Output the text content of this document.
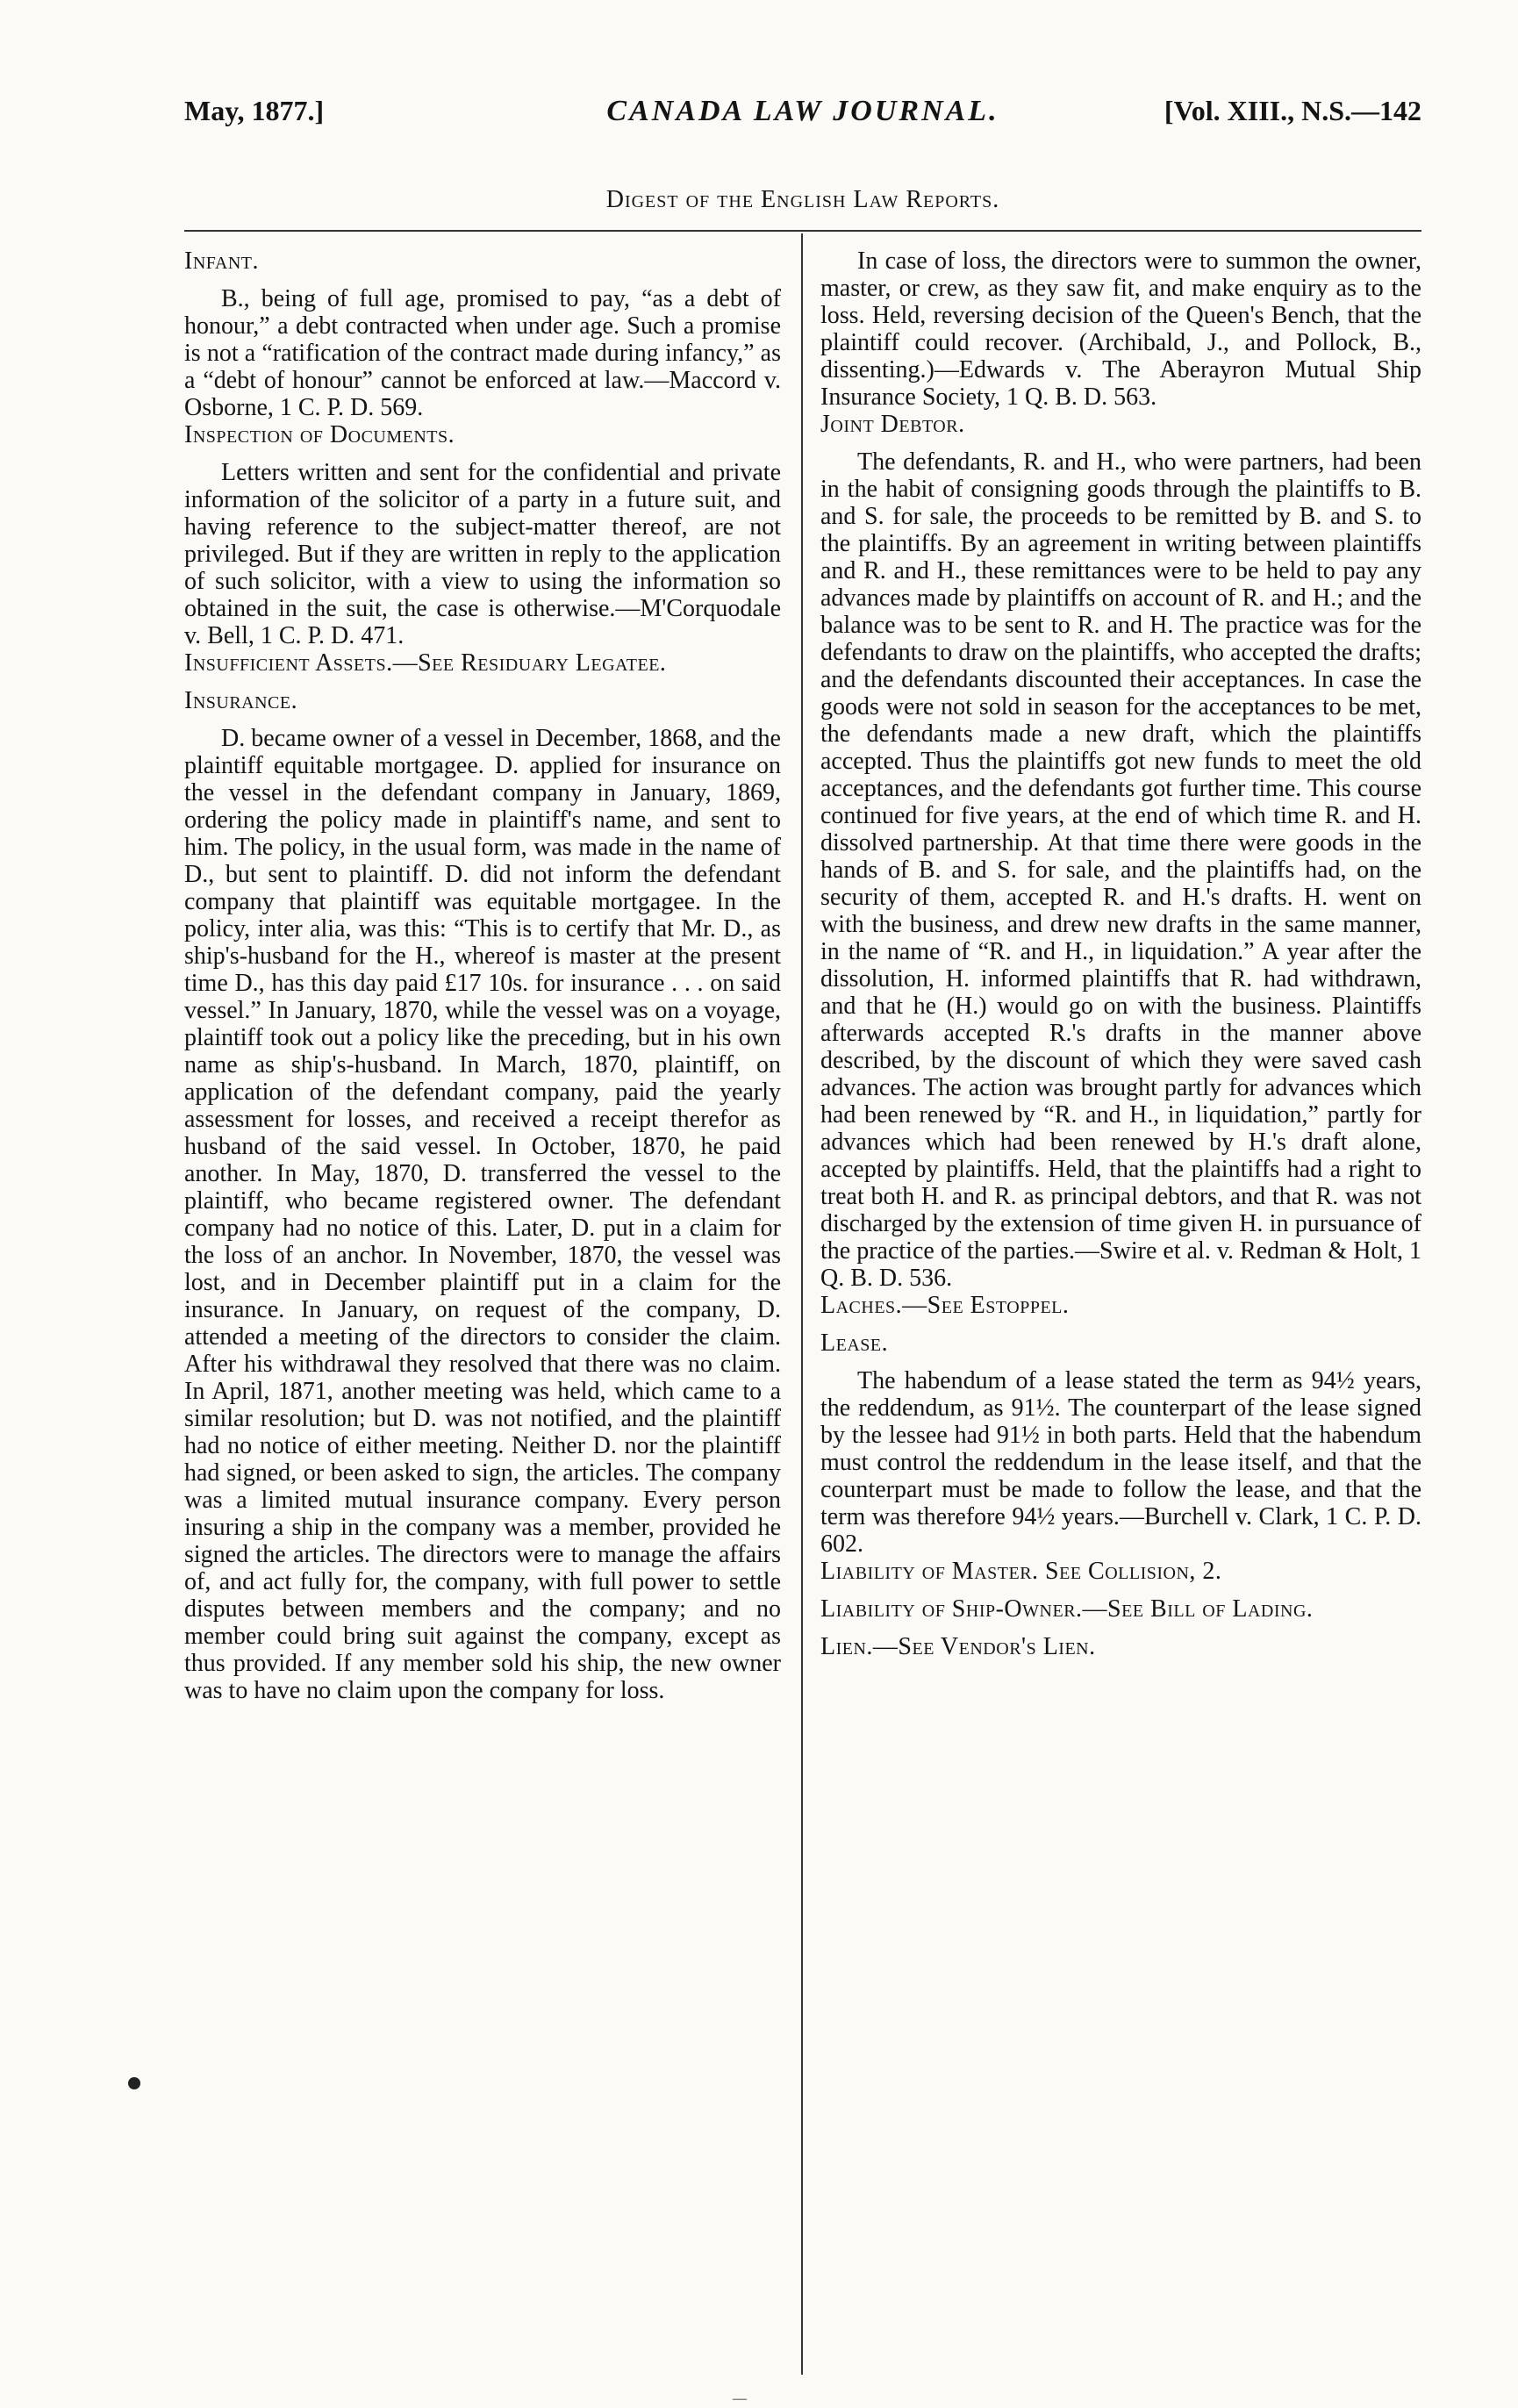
May, 1877.]	CANADA LAW JOURNAL.	[Vol. XIII., N.S.—142
Digest of the English Law Reports.
Infant.

B., being of full age, promised to pay, “as a debt of honour,” a debt contracted when under age. Such a promise is not a “ratification of the contract made during infancy,” as a “debt of honour” cannot be enforced at law.—Maccord v. Osborne, 1 C. P. D. 569.

Inspection of Documents.

Letters written and sent for the confidential and private information of the solicitor of a party in a future suit, and having reference to the subject-matter thereof, are not privileged. But if they are written in reply to the application of such solicitor, with a view to using the information so obtained in the suit, the case is otherwise.—M'Corquodale v. Bell, 1 C. P. D. 471.

Insufficient Assets.—See Residuary Legatee.
Insurance.

D. became owner of a vessel in December, 1868, and the plaintiff equitable mortgagee. D. applied for insurance on the vessel in the defendant company in January, 1869, ordering the policy made in plaintiff's name, and sent to him. The policy, in the usual form, was made in the name of D., but sent to plaintiff. D. did not inform the defendant company that plaintiff was equitable mortgagee. In the policy, inter alia, was this: “This is to certify that Mr. D., as ship's-husband for the H., whereof is master at the present time D., has this day paid £17 10s. for insurance . . . on said vessel.” In January, 1870, while the vessel was on a voyage, plaintiff took out a policy like the preceding, but in his own name as ship's-husband. In March, 1870, plaintiff, on application of the defendant company, paid the yearly assessment for losses, and received a receipt therefor as husband of the said vessel. In October, 1870, he paid another. In May, 1870, D. transferred the vessel to the plaintiff, who became registered owner. The defendant company had no notice of this. Later, D. put in a claim for the loss of an anchor. In November, 1870, the vessel was lost, and in December plaintiff put in a claim for the insurance. In January, on request of the company, D. attended a meeting of the directors to consider the claim. After his withdrawal they resolved that there was no claim. In April, 1871, another meeting was held, which came to a similar resolution; but D. was not notified, and the plaintiff had no notice of either meeting. Neither D. nor the plaintiff had signed, or been asked to sign, the articles. The company was a limited mutual insurance company. Every person insuring a ship in the company was a member, provided he signed the articles. The directors were to manage the affairs of, and act fully for, the company, with full power to settle disputes between members and the company; and no member could bring suit against the company, except as thus provided. If any member sold his ship, the new owner was to have no claim upon the company for loss.

In case of loss, the directors were to summon the owner, master, or crew, as they saw fit, and make enquiry as to the loss. Held, reversing decision of the Queen's Bench, that the plaintiff could recover. (Archibald, J., and Pollock, B., dissenting.)—Edwards v. The Aberayron Mutual Ship Insurance Society, 1 Q. B. D. 563.

Joint Debtor.

The defendants, R. and H., who were partners, had been in the habit of consigning goods through the plaintiffs to B. and S. for sale, the proceeds to be remitted by B. and S. to the plaintiffs. By an agreement in writing between plaintiffs and R. and H., these remittances were to be held to pay any advances made by plaintiffs on account of R. and H.; and the balance was to be sent to R. and H. The practice was for the defendants to draw on the plaintiffs, who accepted the drafts; and the defendants discounted their acceptances. In case the goods were not sold in season for the acceptances to be met, the defendants made a new draft, which the plaintiffs accepted. Thus the plaintiffs got new funds to meet the old acceptances, and the defendants got further time. This course continued for five years, at the end of which time R. and H. dissolved partnership. At that time there were goods in the hands of B. and S. for sale, and the plaintiffs had, on the security of them, accepted R. and H.'s drafts. H. went on with the business, and drew new drafts in the same manner, in the name of “R. and H., in liquidation.” A year after the dissolution, H. informed plaintiffs that R. had withdrawn, and that he (H.) would go on with the business. Plaintiffs afterwards accepted R.'s drafts in the manner above described, by the discount of which they were saved cash advances. The action was brought partly for advances which had been renewed by “R. and H., in liquidation,” partly for advances which had been renewed by H.'s draft alone, accepted by plaintiffs. Held, that the plaintiffs had a right to treat both H. and R. as principal debtors, and that R. was not discharged by the extension of time given H. in pursuance of the practice of the parties.—Swire et al. v. Redman & Holt, 1 Q. B. D. 536.

Laches.—See Estoppel.
Lease.

The habendum of a lease stated the term as 94½ years, the reddendum, as 91½. The counterpart of the lease signed by the lessee had 91½ in both parts. Held that the habendum must control the reddendum in the lease itself, and that the counterpart must be made to follow the lease, and that the term was therefore 94½ years.—Burchell v. Clark, 1 C. P. D. 602.

Liability of Master. See Collision, 2.
Liability of Ship-Owner.—See Bill of Lading.
Lien.—See Vendor's Lien.
—
